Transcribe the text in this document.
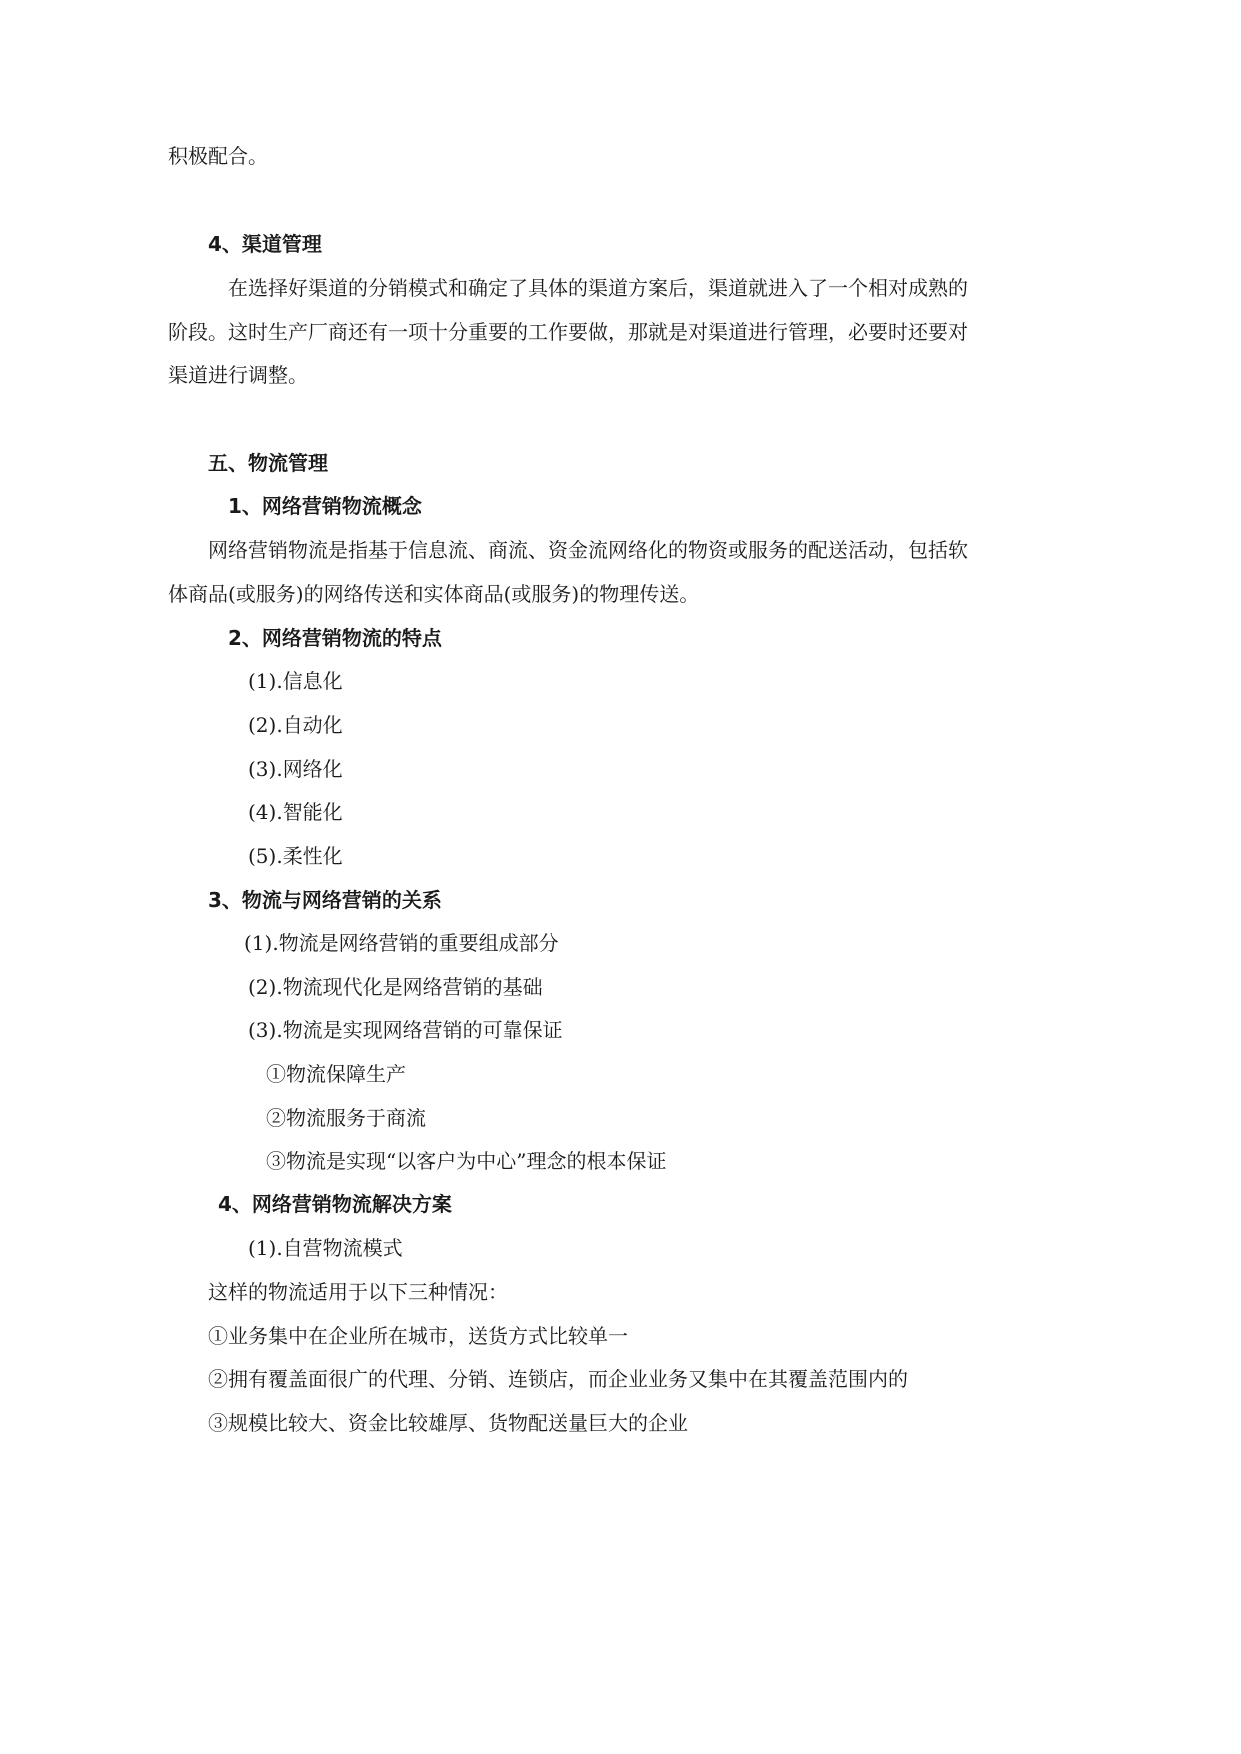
积极配合。

4、渠道管理

在选择好渠道的分销模式和确定了具体的渠道方案后，渠道就进入了一个相对成熟的

阶段。这时生产厂商还有一项十分重要的工作要做，那就是对渠道进行管理，必要时还要对

渠道进行调整。

五、物流管理

1、网络营销物流概念

网络营销物流是指基于信息流、商流、资金流网络化的物资或服务的配送活动，包括软

体商品(或服务)的网络传送和实体商品(或服务)的物理传送。

2、网络营销物流的特点

(1).信息化

(2).自动化

(3).网络化

(4).智能化

(5).柔性化

3、物流与网络营销的关系

(1).物流是网络营销的重要组成部分

(2).物流现代化是网络营销的基础

(3).物流是实现网络营销的可靠保证

①物流保障生产

②物流服务于商流

③物流是实现“以客户为中心”理念的根本保证

4、网络营销物流解决方案

(1).自营物流模式

这样的物流适用于以下三种情况：

①业务集中在企业所在城市，送货方式比较单一

②拥有覆盖面很广的代理、分销、连锁店，而企业业务又集中在其覆盖范围内的

③规模比较大、资金比较雄厚、货物配送量巨大的企业
